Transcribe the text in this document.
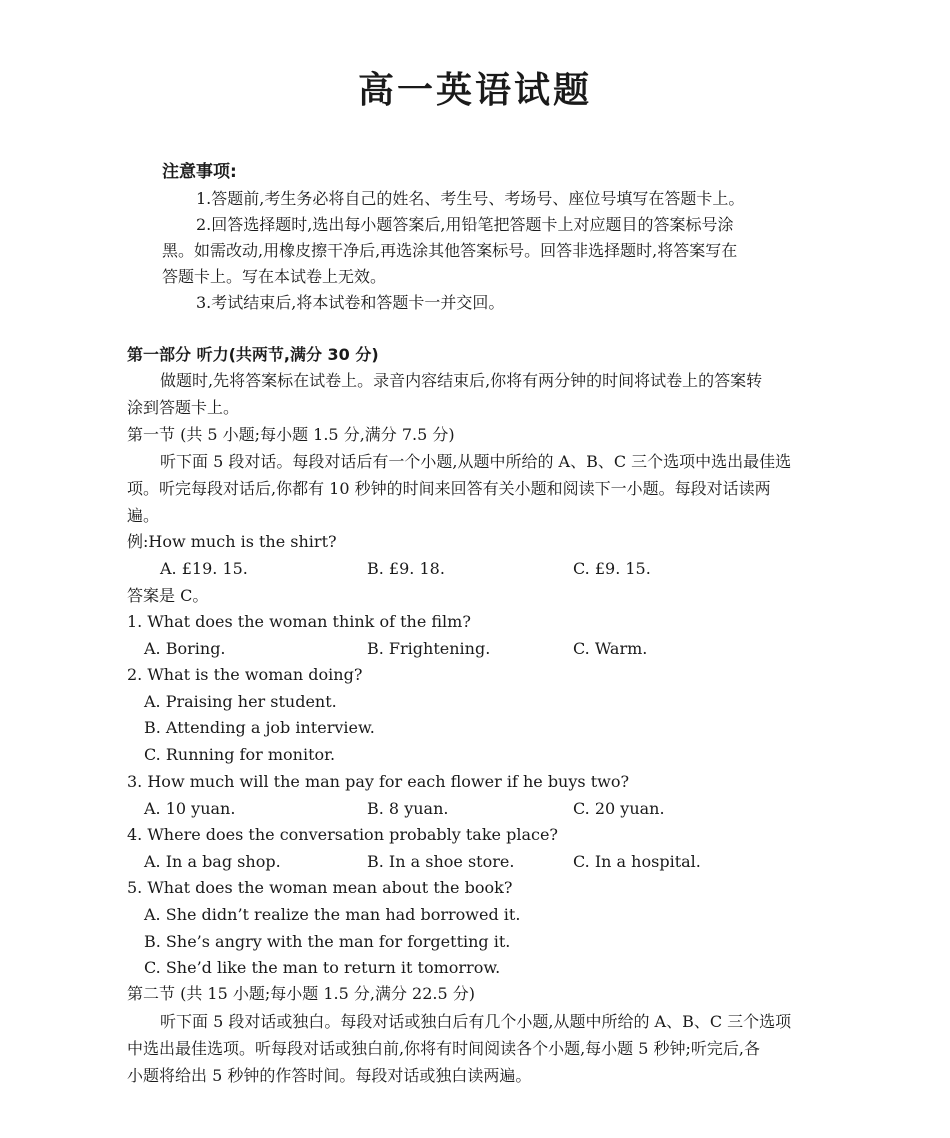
高一英语试题
注意事项:
1.答题前,考生务必将自己的姓名、考生号、考场号、座位号填写在答题卡上。
2.回答选择题时,选出每小题答案后,用铅笔把答题卡上对应题目的答案标号涂
黑。如需改动,用橡皮擦干净后,再选涂其他答案标号。回答非选择题时,将答案写在
答题卡上。写在本试卷上无效。
3.考试结束后,将本试卷和答题卡一并交回。
第一部分 听力(共两节,满分 30 分)
做题时,先将答案标在试卷上。录音内容结束后,你将有两分钟的时间将试卷上的答案转
涂到答题卡上。
第一节 (共 5 小题;每小题 1.5 分,满分 7.5 分)
听下面 5 段对话。每段对话后有一个小题,从题中所给的 A、B、C 三个选项中选出最佳选
项。听完每段对话后,你都有 10 秒钟的时间来回答有关小题和阅读下一小题。每段对话读两
遍。
例:How much is the shirt?
A. £19. 15.	B. £9. 18.	C. £9. 15.
答案是 C。
1. What does the woman think of the film?
A. Boring.	B. Frightening.	C. Warm.
2. What is the woman doing?
A. Praising her student.
B. Attending a job interview.
C. Running for monitor.
3. How much will the man pay for each flower if he buys two?
A. 10 yuan.	B. 8 yuan.	C. 20 yuan.
4. Where does the conversation probably take place?
A. In a bag shop.	B. In a shoe store.	C. In a hospital.
5. What does the woman mean about the book?
A. She didn’t realize the man had borrowed it.
B. She’s angry with the man for forgetting it.
C. She’d like the man to return it tomorrow.
第二节 (共 15 小题;每小题 1.5 分,满分 22.5 分)
听下面 5 段对话或独白。每段对话或独白后有几个小题,从题中所给的 A、B、C 三个选项
中选出最佳选项。听每段对话或独白前,你将有时间阅读各个小题,每小题 5 秒钟;听完后,各
小题将给出 5 秒钟的作答时间。每段对话或独白读两遍。
